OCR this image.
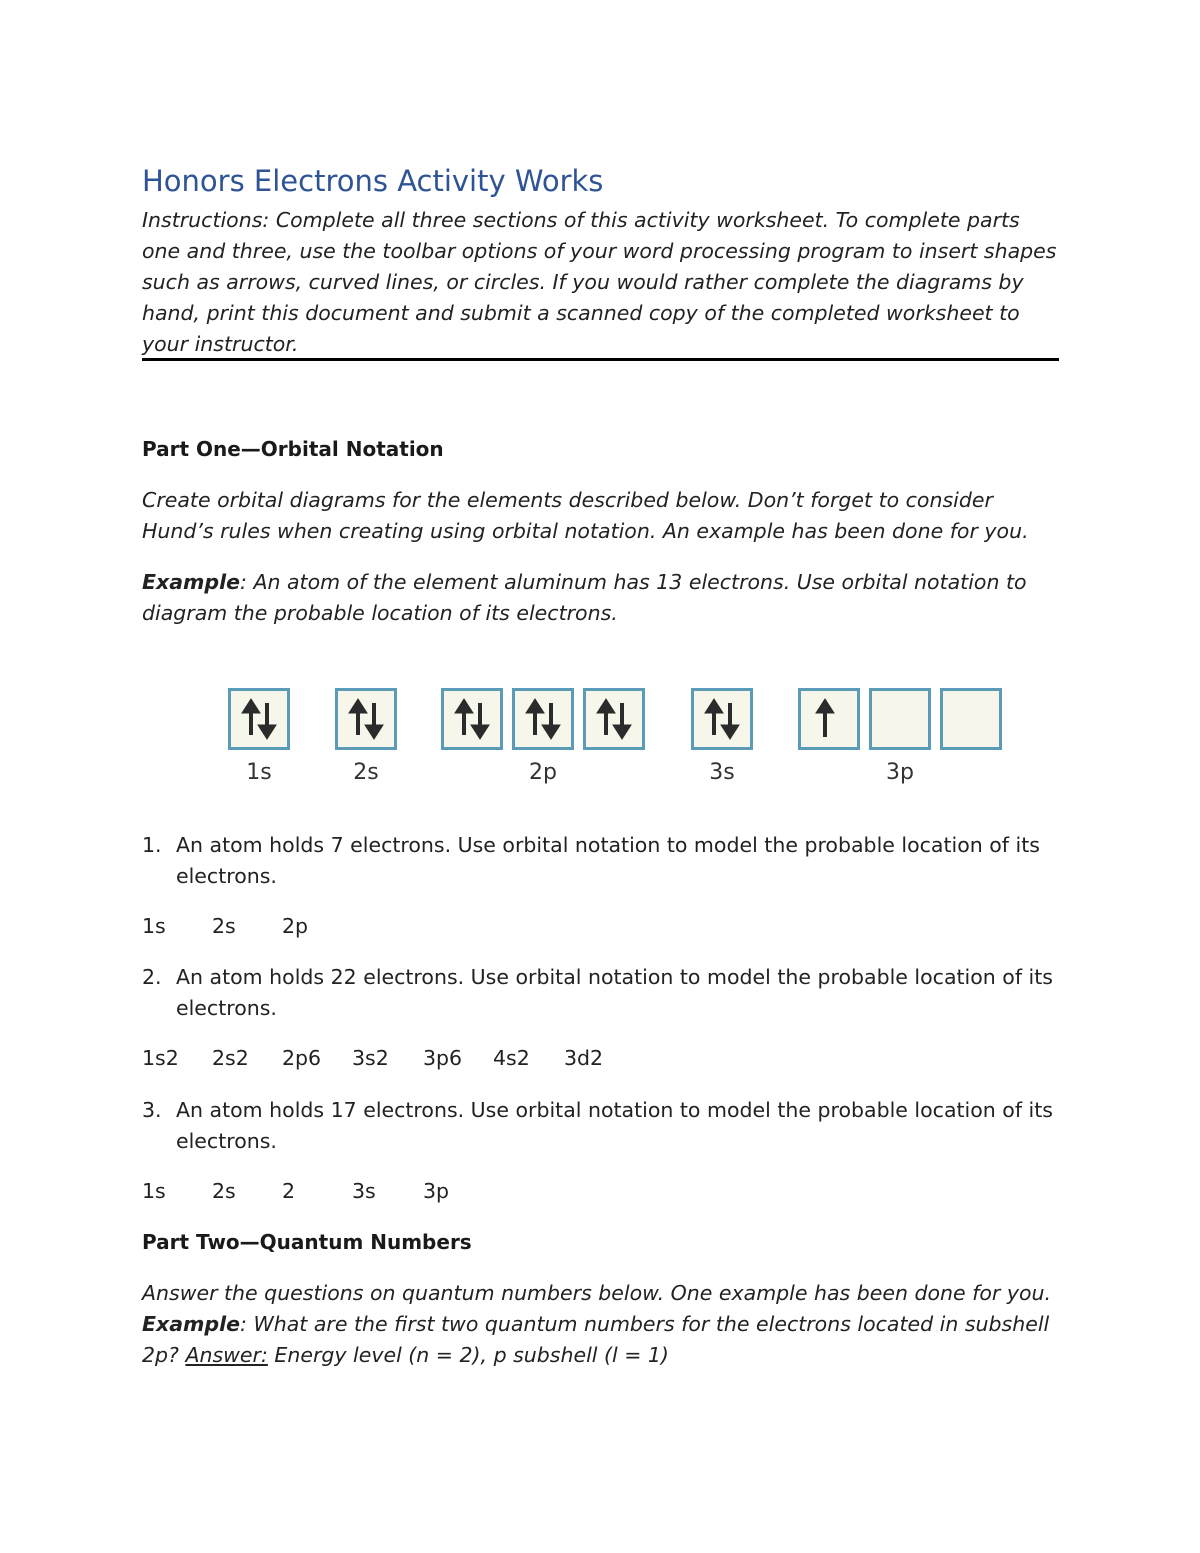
Honors Electrons Activity Works
Instructions: Complete all three sections of this activity worksheet. To complete parts one and three, use the toolbar options of your word processing program to insert shapes such as arrows, curved lines, or circles. If you would rather complete the diagrams by hand, print this document and submit a scanned copy of the completed worksheet to your instructor.
Part One—Orbital Notation
Create orbital diagrams for the elements described below. Don’t forget to consider Hund’s rules when creating using orbital notation. An example has been done for you.
Example: An atom of the element aluminum has 13 electrons. Use orbital notation to diagram the probable location of its electrons.
1s	2s	2p	3s	3p
1. An atom holds 7 electrons. Use orbital notation to model the probable location of its electrons.
1s 2s 2p
2. An atom holds 22 electrons. Use orbital notation to model the probable location of its electrons.
1s2 2s2 2p6 3s2 3p6 4s2 3d2
3. An atom holds 17 electrons. Use orbital notation to model the probable location of its electrons.
1s 2s 2	3s 3p
Part Two—Quantum Numbers
Answer the questions on quantum numbers below. One example has been done for you. Example: What are the first two quantum numbers for the electrons located in subshell 2p? Answer: Energy level (n = 2), p subshell (l = 1)
